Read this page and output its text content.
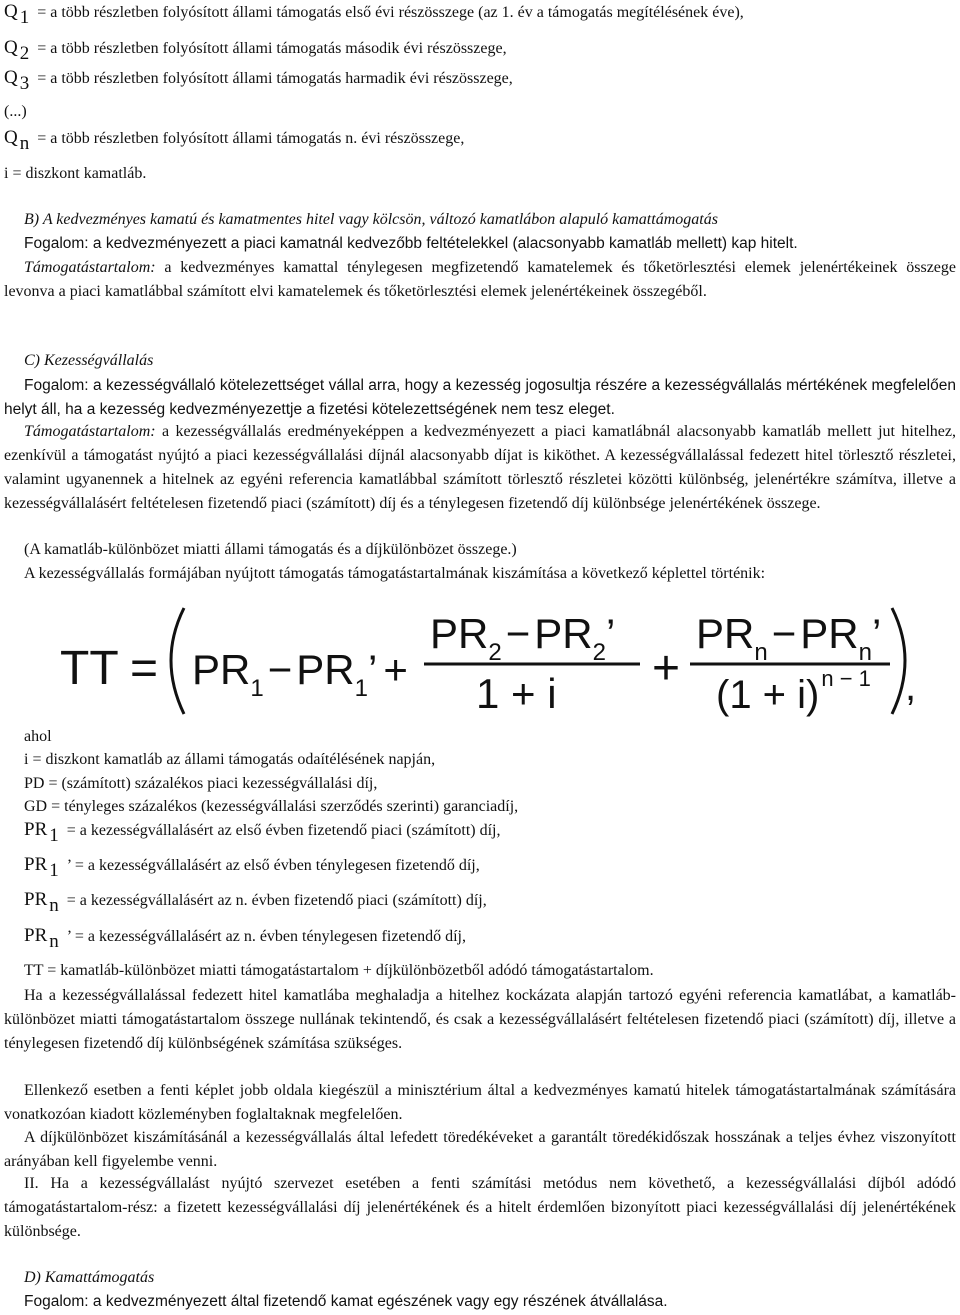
Q 1 = a több részletben folyósított állami támogatás első évi részösszege (az 1. év a támogatás megítélésének éve),
Q 2 = a több részletben folyósított állami támogatás második évi részösszege,
Q 3 = a több részletben folyósított állami támogatás harmadik évi részösszege,
(...)
Q n = a több részletben folyósított állami támogatás n. évi részösszege,
i = diszkont kamatláb.
B) A kedvezményes kamatú és kamatmentes hitel vagy kölcsön, változó kamatlábon alapuló kamattámogatás
Fogalom: a kedvezményezett a piaci kamatnál kedvezőbb feltételekkel (alacsonyabb kamatláb mellett) kap hitelt.
Támogatástartalom: a kedvezményes kamattal ténylegesen megfizetendő kamatelemek és tőketörlesztési elemek jelenértékeinek összege levonva a piaci kamatlábbal számított elvi kamatelemek és tőketörlesztési elemek jelenértékeinek összegéből.
C) Kezességvállalás
Fogalom: a kezességvállaló kötelezettséget vállal arra, hogy a kezesség jogosultja részére a kezességvállalás mértékének megfelelően helyt áll, ha a kezesség kedvezményezettje a fizetési kötelezettségének nem tesz eleget.
Támogatástartalom: a kezességvállalás eredményeképpen a kedvezményezett a piaci kamatlábnál alacsonyabb kamatláb mellett jut hitelhez, ezenkívül a támogatást nyújtó a piaci kezességvállalási díjnál alacsonyabb díjat is kiköthet. A kezességvállalással fedezett hitel törlesztő részletei, valamint ugyanennek a hitelnek az egyéni referencia kamatlábbal számított törlesztő részletei közötti különbség, jelenértékre számítva, illetve a kezességvállalásért feltételesen fizetendő piaci (számított) díj és a ténylegesen fizetendő díj különbsége jelenértékének összege.
(A kamatláb-különbözet miatti állami támogatás és a díjkülönbözet összege.)
A kezességvállalás formájában nyújtott támogatás támogatástartalmának kiszámítása a következő képlettel történik:
TT = $PR_1-PR_1$’ +
$PR_2-PR_2$’
1 + i +
$PR_n-PR_n$’
$(1 + i)^{n - 1}$ ,
ahol
i = diszkont kamatláb az állami támogatás odaítélésének napján,
PD = (számított) százalékos piaci kezességvállalási díj,
GD = tényleges százalékos (kezességvállalási szerződés szerinti) garanciadíj,
PR 1 = a kezességvállalásért az első évben fizetendő piaci (számított) díj,
PR 1 ’ = a kezességvállalásért az első évben ténylegesen fizetendő díj,
PR n = a kezességvállalásért az n. évben fizetendő piaci (számított) díj,
PR n ’ = a kezességvállalásért az n. évben ténylegesen fizetendő díj,
TT = kamatláb-különbözet miatti támogatástartalom + díjkülönbözetből adódó támogatástartalom.
Ha a kezességvállalással fedezett hitel kamatlába meghaladja a hitelhez kockázata alapján tartozó egyéni referencia kamatlábat, a kamatláb-különbözet miatti támogatástartalom összege nullának tekintendő, és csak a kezességvállalásért feltételesen fizetendő piaci (számított) díj, illetve a ténylegesen fizetendő díj különbségének számítása szükséges.
Ellenkező esetben a fenti képlet jobb oldala kiegészül a minisztérium által a kedvezményes kamatú hitelek támogatástartalmának számítására vonatkozóan kiadott közleményben foglaltaknak megfelelően.
A díjkülönbözet kiszámításánál a kezességvállalás által lefedett töredékéveket a garantált töredékidőszak hosszának a teljes évhez viszonyított arányában kell figyelembe venni.
II. Ha a kezességvállalást nyújtó szervezet esetében a fenti számítási metódus nem követhető, a kezességvállalási díjból adódó támogatástartalom-rész: a fizetett kezességvállalási díj jelenértékének és a hitelt érdemlően bizonyított piaci kezességvállalási díj jelenértékének különbsége.
D) Kamattámogatás
Fogalom: a kedvezményezett által fizetendő kamat egészének vagy egy részének átvállalása.
